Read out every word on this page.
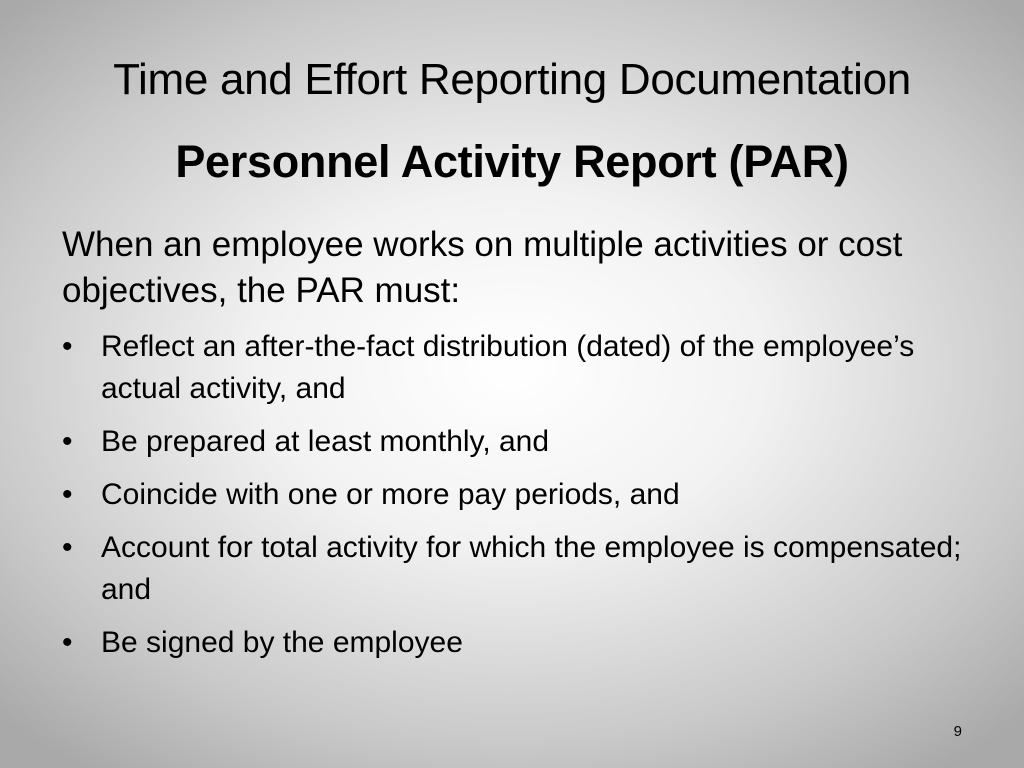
Time and Effort Reporting Documentation
Personnel Activity Report (PAR)
When an employee works on multiple activities or cost objectives, the PAR must:
• Reflect an after-the-fact distribution (dated) of the employee’s actual activity, and
• Be prepared at least monthly, and
• Coincide with one or more pay periods, and
• Account for total activity for which the employee is compensated; and
• Be signed by the employee
9
